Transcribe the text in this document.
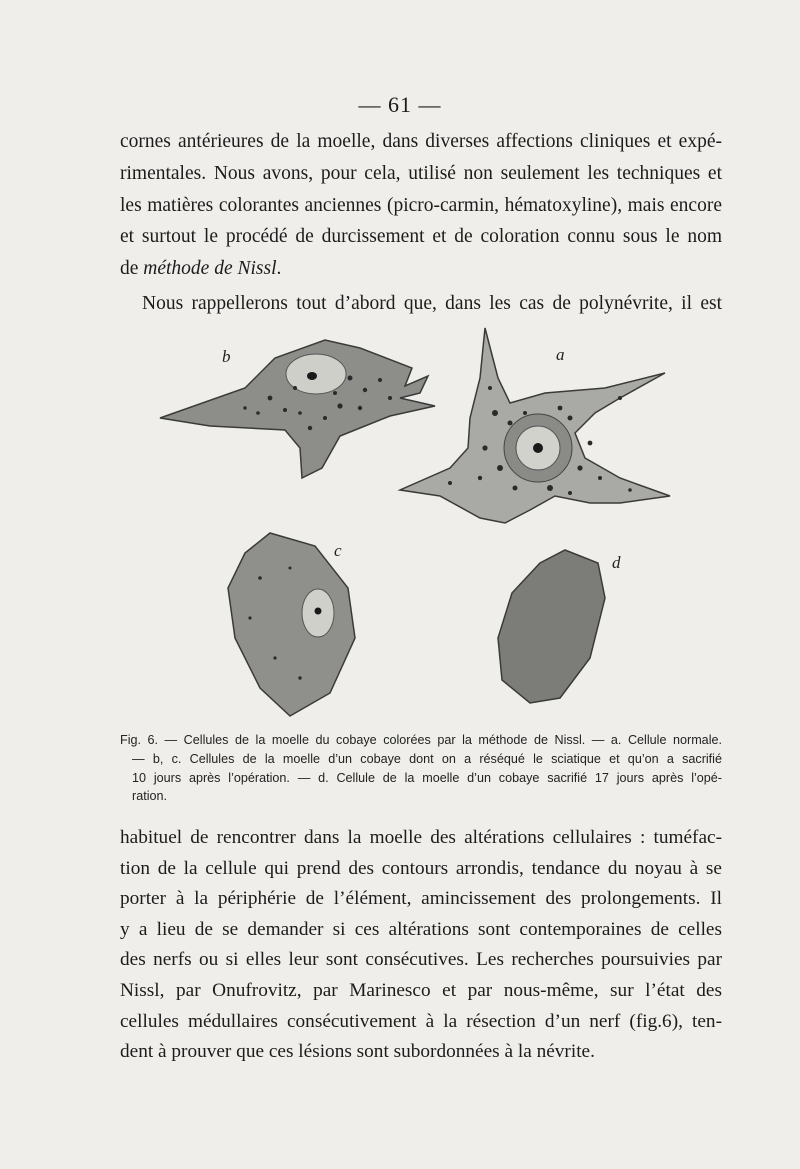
— 61 —

cornes antérieures de la moelle, dans diverses affections cliniques et expé-
rimentales. Nous avons, pour cela, utilisé non seulement les techniques et
les matières colorantes anciennes (picro-carmin, hématoxyline), mais encore
et surtout le procédé de durcissement et de coloration connu sous le nom
de méthode de Nissl.

Nous rappellerons tout d’abord que, dans les cas de polynévrite, il est

b	a
c
d
Fig. 6. — Cellules de la moelle du cobaye colorées par la méthode de Nissl. — a. Cellule normale.
— b, c. Cellules de la moelle d’un cobaye dont on a réséqué le sciatique et qu’on a sacrifié
10 jours après l’opération. — d. Cellule de la moelle d’un cobaye sacrifié 17 jours après l’opé-
ration.
habituel de rencontrer dans la moelle des altérations cellulaires : tuméfac-
tion de la cellule qui prend des contours arrondis, tendance du noyau à se
porter à la périphérie de l’élément, amincissement des prolongements. Il
y a lieu de se demander si ces altérations sont contemporaines de celles
des nerfs ou si elles leur sont consécutives. Les recherches poursuivies par
Nissl, par Onufrovitz, par Marinesco et par nous-même, sur l’état des
cellules médullaires consécutivement à la résection d’un nerf (fig.6), ten-
dent à prouver que ces lésions sont subordonnées à la névrite.
